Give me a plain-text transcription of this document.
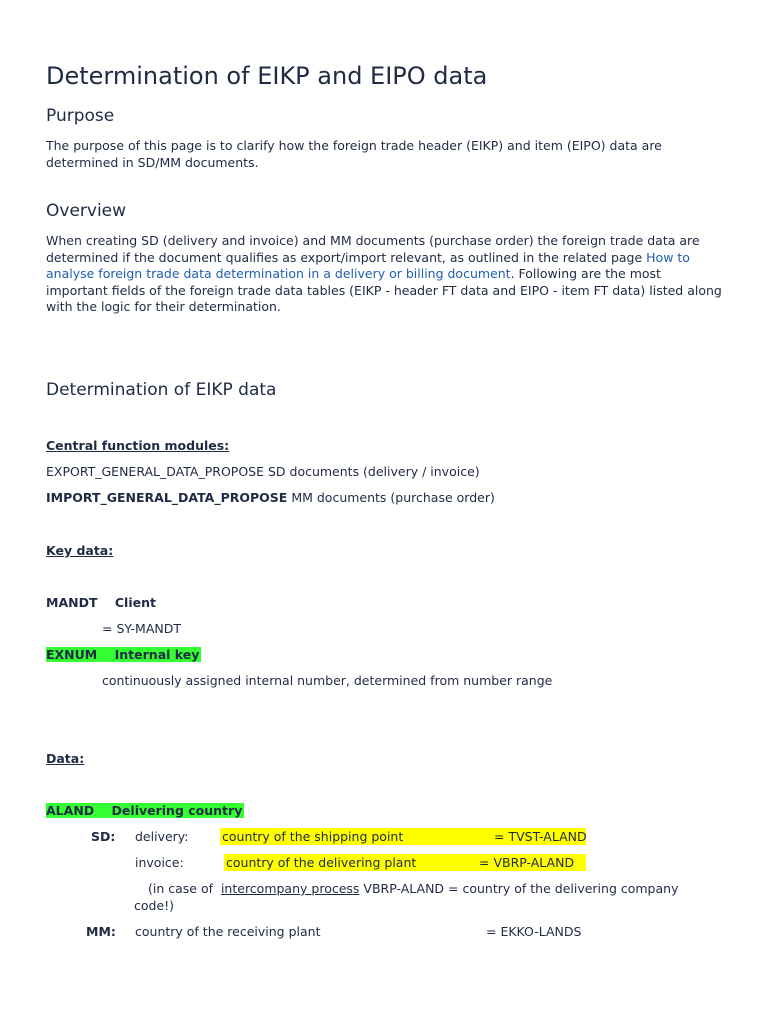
Determination of EIKP and EIPO data
Purpose
The purpose of this page is to clarify how the foreign trade header (EIKP) and item (EIPO) data are determined in SD/MM documents.
Overview
When creating SD (delivery and invoice) and MM documents (purchase order) the foreign trade data are determined if the document qualifies as export/import relevant, as outlined in the related page How to analyse foreign trade data determination in a delivery or billing document. Following are the most important fields of the foreign trade data tables (EIKP - header FT data and EIPO - item FT data) listed along with the logic for their determination.
Determination of EIKP data
Central function modules:
EXPORT_GENERAL_DATA_PROPOSE SD documents (delivery / invoice)
IMPORT_GENERAL_DATA_PROPOSE MM documents (purchase order)
Key data:
MANDT    Client
= SY-MANDT
EXNUM    Internal key
continuously assigned internal number, determined from number range
Data:
ALAND    Delivering country
SD: delivery:	country of the shipping point	= TVST-ALAND
invoice:	country of the delivering plant	= VBRP-ALAND
(in case of  intercompany process VBRP-ALAND = country of the delivering company
code!)
MM: country of the receiving plant	= EKKO-LANDS
